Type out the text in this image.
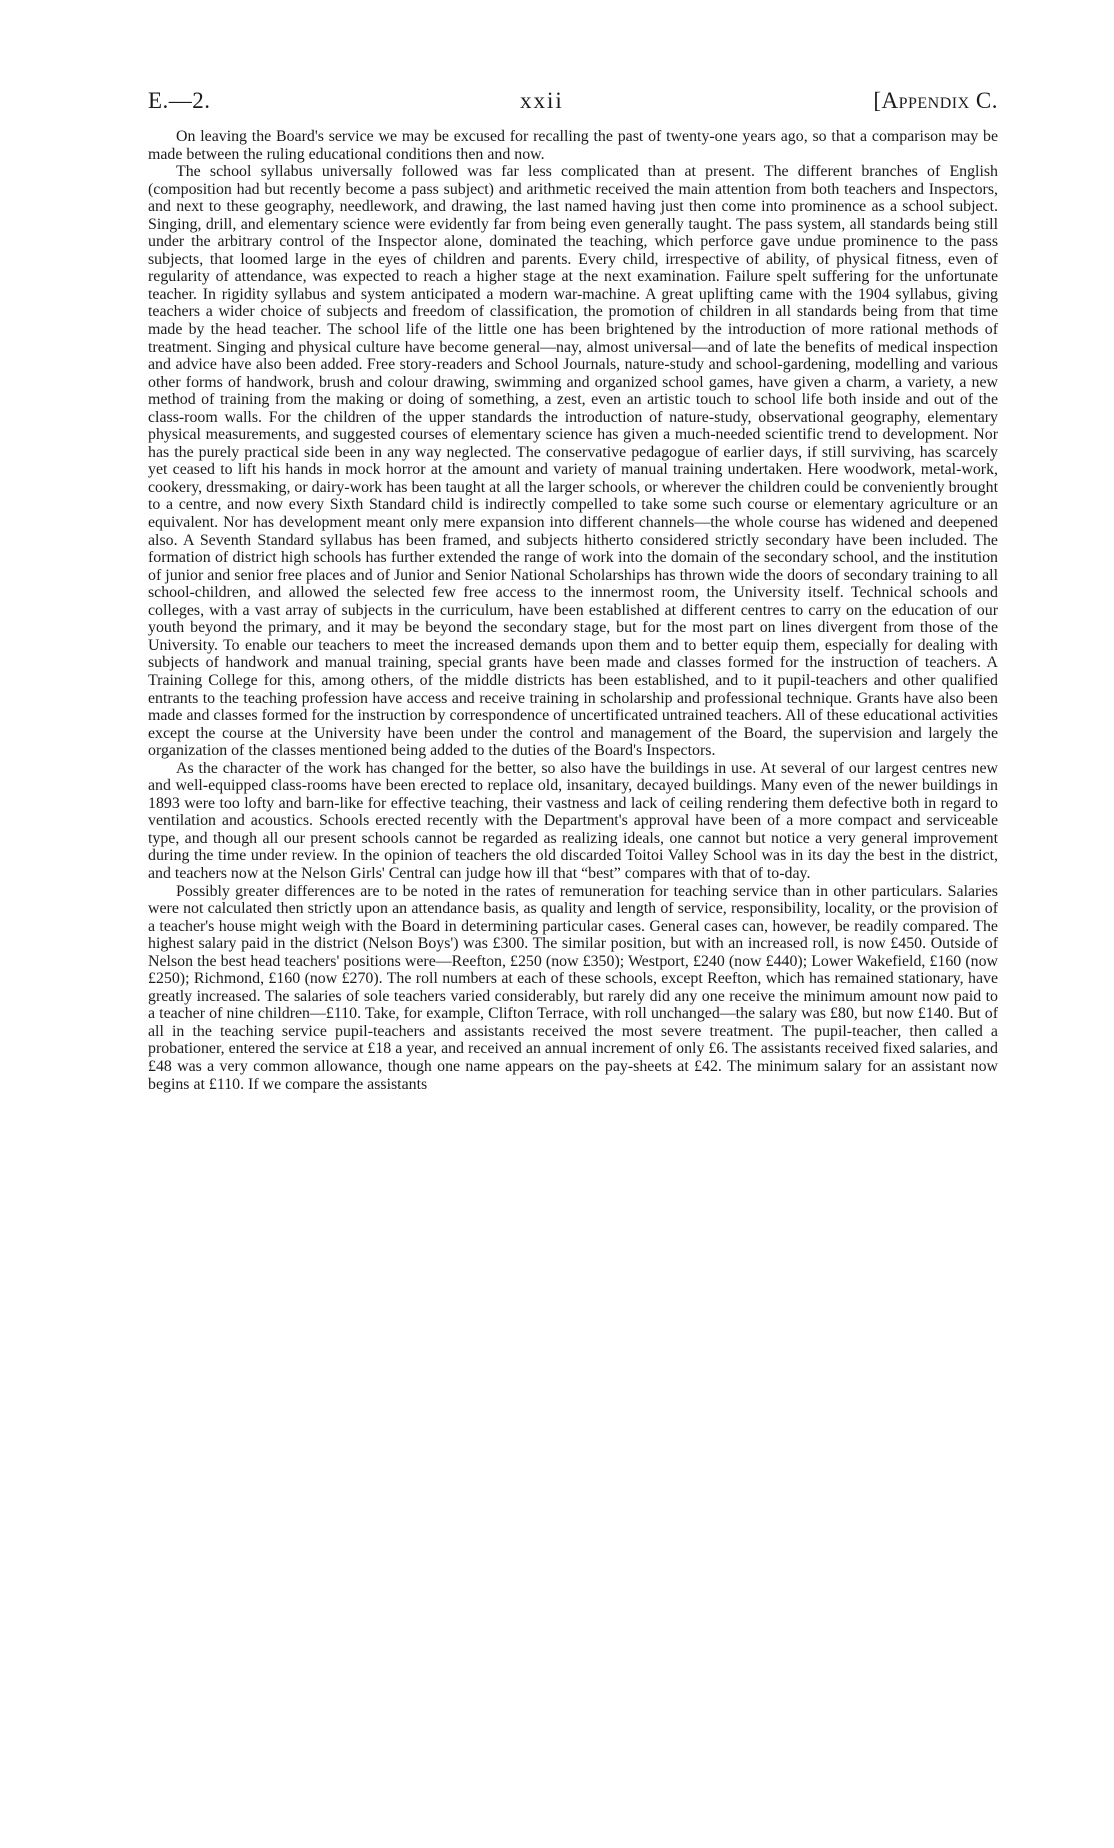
E.—2.	xxii	[Appendix C.

On leaving the Board's service we may be excused for recalling the past of twenty-one years ago, so that a comparison may be made between the ruling educational conditions then and now.

The school syllabus universally followed was far less complicated than at present. The different branches of English (composition had but recently become a pass subject) and arithmetic received the main attention from both teachers and Inspectors, and next to these geography, needlework, and drawing, the last named having just then come into prominence as a school subject. Singing, drill, and elementary science were evidently far from being even generally taught. The pass system, all standards being still under the arbitrary control of the Inspector alone, dominated the teaching, which perforce gave undue prominence to the pass subjects, that loomed large in the eyes of children and parents. Every child, irrespective of ability, of physical fitness, even of regularity of attendance, was expected to reach a higher stage at the next examination. Failure spelt suffering for the unfortunate teacher. In rigidity syllabus and system anticipated a modern war-machine. A great uplifting came with the 1904 syllabus, giving teachers a wider choice of subjects and freedom of classification, the promotion of children in all standards being from that time made by the head teacher. The school life of the little one has been brightened by the introduction of more rational methods of treatment. Singing and physical culture have become general—nay, almost universal—and of late the benefits of medical inspection and advice have also been added. Free story-readers and School Journals, nature-study and school-gardening, modelling and various other forms of handwork, brush and colour drawing, swimming and organized school games, have given a charm, a variety, a new method of training from the making or doing of something, a zest, even an artistic touch to school life both inside and out of the class-room walls. For the children of the upper standards the introduction of nature-study, observational geography, elementary physical measurements, and suggested courses of elementary science has given a much-needed scientific trend to development. Nor has the purely practical side been in any way neglected. The conservative pedagogue of earlier days, if still surviving, has scarcely yet ceased to lift his hands in mock horror at the amount and variety of manual training undertaken. Here woodwork, metal-work, cookery, dressmaking, or dairy-work has been taught at all the larger schools, or wherever the children could be conveniently brought to a centre, and now every Sixth Standard child is indirectly compelled to take some such course or elementary agriculture or an equivalent. Nor has development meant only mere expansion into different channels—the whole course has widened and deepened also. A Seventh Standard syllabus has been framed, and subjects hitherto considered strictly secondary have been included. The formation of district high schools has further extended the range of work into the domain of the secondary school, and the institution of junior and senior free places and of Junior and Senior National Scholarships has thrown wide the doors of secondary training to all school-children, and allowed the selected few free access to the innermost room, the University itself. Technical schools and colleges, with a vast array of subjects in the curriculum, have been established at different centres to carry on the education of our youth beyond the primary, and it may be beyond the secondary stage, but for the most part on lines divergent from those of the University. To enable our teachers to meet the increased demands upon them and to better equip them, especially for dealing with subjects of handwork and manual training, special grants have been made and classes formed for the instruction of teachers. A Training College for this, among others, of the middle districts has been established, and to it pupil-teachers and other qualified entrants to the teaching profession have access and receive training in scholarship and professional technique. Grants have also been made and classes formed for the instruction by correspondence of uncertificated untrained teachers. All of these educational activities except the course at the University have been under the control and management of the Board, the supervision and largely the organization of the classes mentioned being added to the duties of the Board's Inspectors.

As the character of the work has changed for the better, so also have the buildings in use. At several of our largest centres new and well-equipped class-rooms have been erected to replace old, insanitary, decayed buildings. Many even of the newer buildings in 1893 were too lofty and barn-like for effective teaching, their vastness and lack of ceiling rendering them defective both in regard to ventilation and acoustics. Schools erected recently with the Department's approval have been of a more compact and serviceable type, and though all our present schools cannot be regarded as realizing ideals, one cannot but notice a very general improvement during the time under review. In the opinion of teachers the old discarded Toitoi Valley School was in its day the best in the district, and teachers now at the Nelson Girls' Central can judge how ill that “best” compares with that of to-day.

Possibly greater differences are to be noted in the rates of remuneration for teaching service than in other particulars. Salaries were not calculated then strictly upon an attendance basis, as quality and length of service, responsibility, locality, or the provision of a teacher's house might weigh with the Board in determining particular cases. General cases can, however, be readily compared. The highest salary paid in the district (Nelson Boys') was £300. The similar position, but with an increased roll, is now £450. Outside of Nelson the best head teachers' positions were—Reefton, £250 (now £350); Westport, £240 (now £440); Lower Wakefield, £160 (now £250); Richmond, £160 (now £270). The roll numbers at each of these schools, except Reefton, which has remained stationary, have greatly increased. The salaries of sole teachers varied considerably, but rarely did any one receive the minimum amount now paid to a teacher of nine children—£110. Take, for example, Clifton Terrace, with roll unchanged—the salary was £80, but now £140. But of all in the teaching service pupil-teachers and assistants received the most severe treatment. The pupil-teacher, then called a probationer, entered the service at £18 a year, and received an annual increment of only £6. The assistants received fixed salaries, and £48 was a very common allowance, though one name appears on the pay-sheets at £42. The minimum salary for an assistant now begins at £110. If we compare the assistants
